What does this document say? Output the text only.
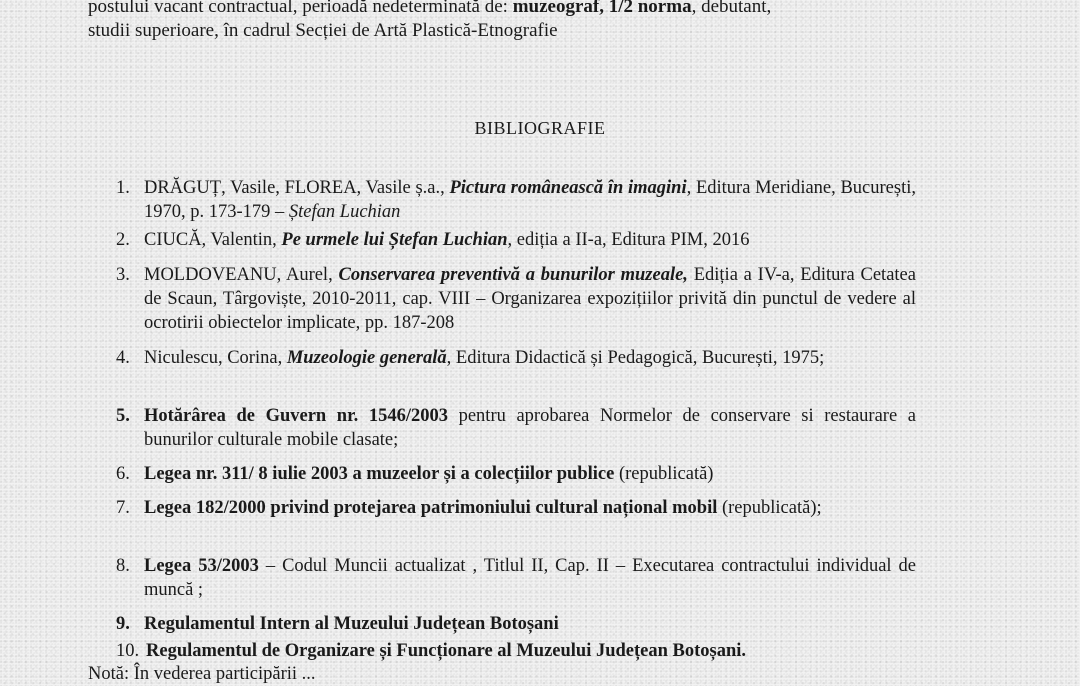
postului vacant contractual, perioadă nedeterminată de: muzeograf, 1/2 norma, debutant,
studii superioare, în cadrul Secției de Artă Plastică-Etnografie
BIBLIOGRAFIE
1. DRĂGUȚ, Vasile, FLOREA, Vasile ș.a., Pictura românească în imagini, Editura Meridiane, București, 1970, p. 173-179 – Ștefan Luchian
2. CIUCĂ, Valentin, Pe urmele lui Ștefan Luchian, ediția a II-a, Editura PIM, 2016
3. MOLDOVEANU, Aurel, Conservarea preventivă a bunurilor muzeale, Ediția a IV-a, Editura Cetatea de Scaun, Târgoviște, 2010-2011, cap. VIII – Organizarea expozițiilor privită din punctul de vedere al ocrotirii obiectelor implicate, pp. 187-208
4. Niculescu, Corina, Muzeologie generală, Editura Didactică și Pedagogică, București, 1975;
5. Hotărârea de Guvern nr. 1546/2003 pentru aprobarea Normelor de conservare si restaurare a bunurilor culturale mobile clasate;
6. Legea nr. 311/ 8 iulie 2003 a muzeelor și a colecțiilor publice (republicată)
7. Legea 182/2000 privind protejarea patrimoniului cultural național mobil (republicată);
8. Legea 53/2003 – Codul Muncii actualizat , Titlul II, Cap. II – Executarea contractului individual de muncă ;
9. Regulamentul Intern al Muzeului Județean Botoșani
10. Regulamentul de Organizare și Funcționare al Muzeului Județean Botoșani.
Notă: În vederea participării ...
